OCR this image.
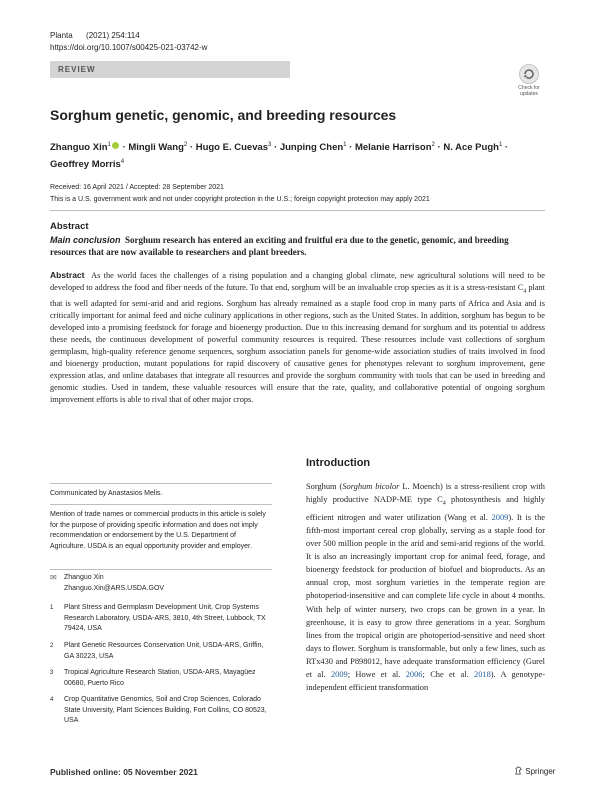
Planta (2021) 254:114
https://doi.org/10.1007/s00425-021-03742-w
REVIEW
Check for
updates
Sorghum genetic, genomic, and breeding resources
Zhanguo Xin$^1$ · Mingli Wang$^2$ · Hugo E. Cuevas$^3$ · Junping Chen$^1$ · Melanie Harrison$^2$ · N. Ace Pugh$^1$ ·
Geoffrey Morris$^4$
Received: 16 April 2021 / Accepted: 28 September 2021
This is a U.S. government work and not under copyright protection in the U.S.; foreign copyright protection may apply 2021
Abstract
Main conclusion Sorghum research has entered an exciting and fruitful era due to the genetic, genomic, and breeding resources that are now available to researchers and plant breeders.
Abstract As the world faces the challenges of a rising population and a changing global climate, new agricultural solutions will need to be developed to address the food and fiber needs of the future. To that end, sorghum will be an invaluable crop species as it is a stress-resistant $C_4$ plant that is well adapted for semi-arid and arid regions. Sorghum has already remained as a staple food crop in many parts of Africa and Asia and is critically important for animal feed and niche culinary applications in other regions, such as the United States. In addition, sorghum has begun to be developed into a promising feedstock for forage and bioenergy production. Due to this increasing demand for sorghum and its potential to address these needs, the continuous development of powerful community resources is required. These resources include vast collections of sorghum germplasm, high-quality reference genome sequences, sorghum association panels for genome-wide association studies of traits involved in food and bioenergy production, mutant populations for rapid discovery of causative genes for phenotypes relevant to sorghum improvement, gene expression atlas, and online databases that integrate all resources and provide the sorghum community with tools that can be used in breeding and genomic studies. Used in tandem, these valuable resources will ensure that the rate, quality, and collaborative potential of ongoing sorghum improvement efforts is able to rival that of other major crops.
Introduction
Sorghum (Sorghum bicolor L. Moench) is a stress-resilient crop with highly productive NADP-ME type $C_4$ photosynthesis and highly efficient nitrogen and water utilization (Wang et al. 2009). It is the fifth-most important cereal crop globally, serving as a staple food for over 500 million people in the arid and semi-arid regions of the world. It is also an increasingly important crop for animal feed, forage, and bioenergy feedstock for production of biofuel and bioproducts. As an annual crop, most sorghum varieties in the temperate region are photoperiod-insensitive and can complete life cycle in about 4 months. With help of winter nursery, two crops can be grown in a year. In greenhouse, it is easy to grow three generations in a year. Sorghum lines from the tropical origin are photoperiod-sensitive and need short days to flower. Sorghum is transformable, but only a few lines, such as RTx430 and P898012, have adequate transformation efficiency (Gurel et al. 2009; Howe et al. 2006; Che et al. 2018). A genotype-independent efficient transformation
Communicated by Anastasios Melis.
Mention of trade names or commercial products in this article is solely for the purpose of providing specific information and does not imply recommendation or endorsement by the U.S. Department of Agriculture. USDA is an equal opportunity provider and employer.
✉ Zhanguo Xin
Zhanguo.Xin@ARS.USDA.GOV
1 Plant Stress and Germplasm Development Unit, Crop Systems Research Laboratory, USDA-ARS, 3810, 4th Street, Lubbock, TX 79424, USA
2 Plant Genetic Resources Conservation Unit, USDA-ARS, Griffin, GA 30223, USA
3 Tropical Agriculture Research Station, USDA-ARS, Mayagüez 00680, Puerto Rico
4 Crop Quantitative Genomics, Soil and Crop Sciences, Colorado State University, Plant Sciences Building, Fort Collins, CO 80523, USA
Published online: 05 November 2021	Springer
